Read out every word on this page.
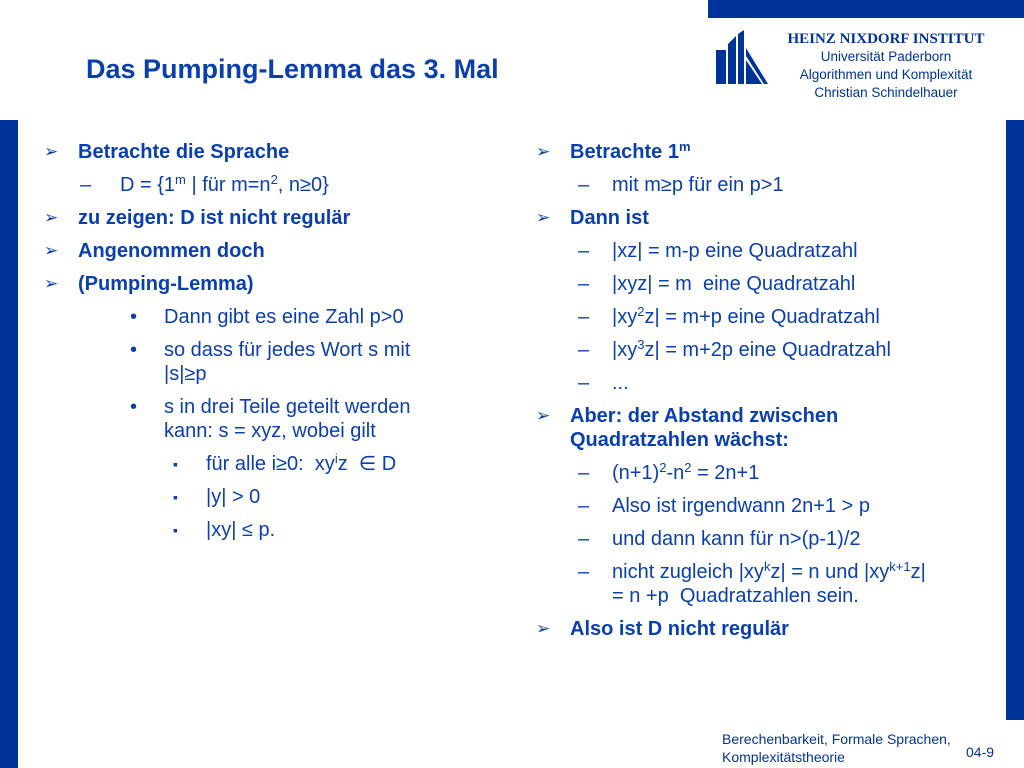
Das Pumping-Lemma das 3. Mal
HEINZ NIXDORF INSTITUT
Universität Paderborn
Algorithmen und Komplexität
Christian Schindelhauer
➢ Betrachte die Sprache
– $D = \{1^m$ | für $m=n^2$, n≥0}
➢ zu zeigen: D ist nicht regulär
➢ Angenommen doch
➢ (Pumping-Lemma)
• Dann gibt es eine Zahl p>0
• so dass für jedes Wort s mit
|s|≥p
• s in drei Teile geteilt werden
kann: s = xyz, wobei gilt
▪ für alle i≥0:  $xy^iz$  ∈ D
▪ |y| > 0
▪ |xy| ≤ p.
➢ Betrachte 1$^m$
– mit m≥p für ein p>1
➢ Dann ist
– |xz| = m-p eine Quadratzahl
– |xyz| = m  eine Quadratzahl
– $|xy^2z| = m+p$ eine Quadratzahl
– $|xy^3z| = m+2p$ eine Quadratzahl
– ...
➢ Aber: der Abstand zwischen
Quadratzahlen wächst:
– $(n+1)^2-n^2 = 2n+1$
– Also ist irgendwann 2n+1 > p
– und dann kann für n>(p-1)/2
– nicht zugleich $|xy^kz| = n$ und $|xy^{k+1}z|$
= n +p  Quadratzahlen sein.
➢ Also ist D nicht regulär
Berechenbarkeit, Formale Sprachen,
Komplexitätstheorie	04-9
